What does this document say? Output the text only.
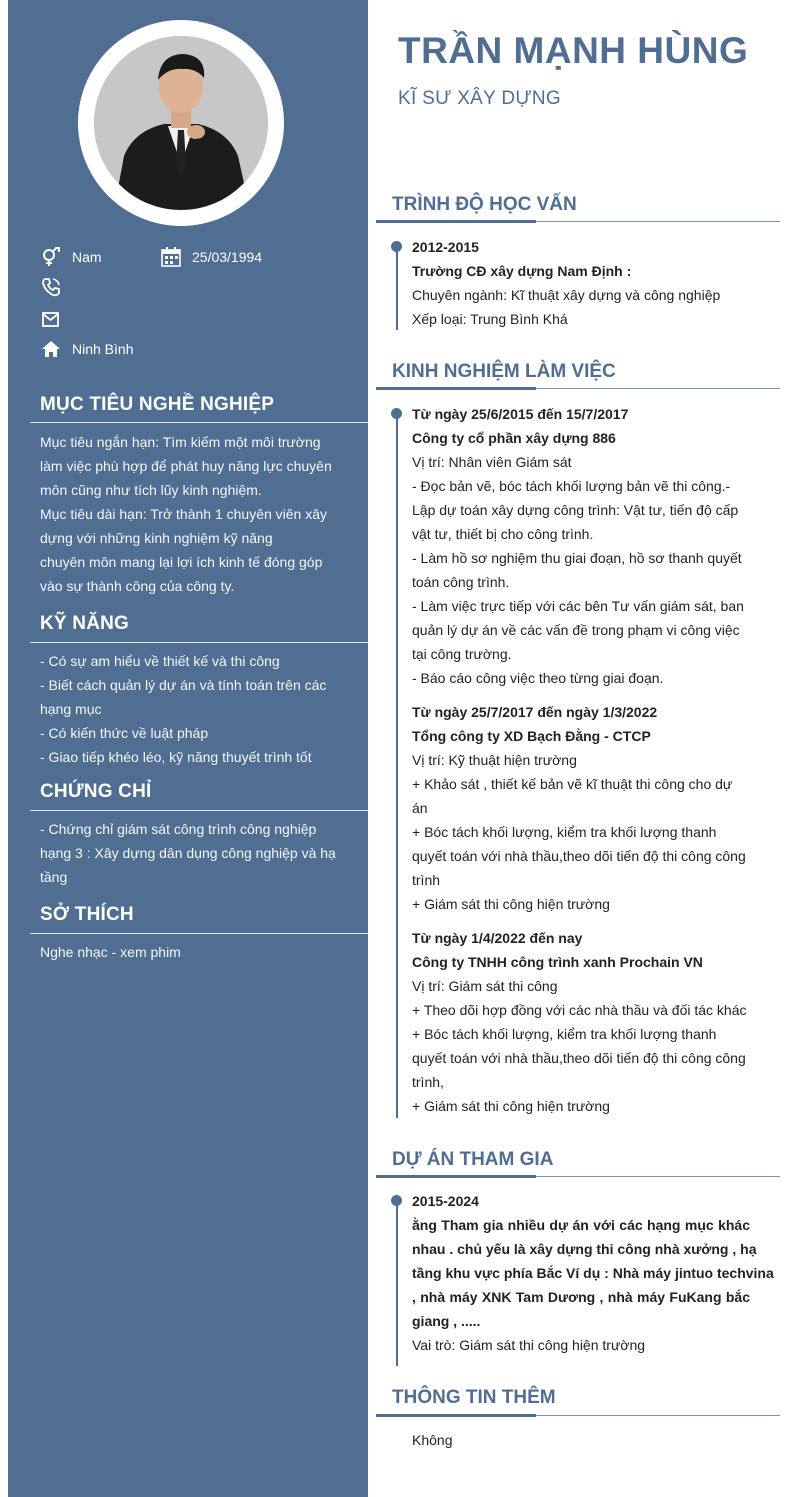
Nam	25/03/1994
Ninh Bình
MỤC TIÊU NGHỀ NGHIỆP
Mục tiêu ngắn hạn: Tìm kiếm một môi trường
làm việc phù hợp để phát huy năng lực chuyên
môn cũng như tích lũy kinh nghiệm.
Mục tiêu dài hạn: Trở thành 1 chuyên viên xây
dựng với những kinh nghiệm kỹ năng
chuyên môn mang lại lợi ích kinh tế đóng góp
vào sự thành công của công ty.
KỸ NĂNG
- Có sự am hiểu về thiết kế và thi công
- Biết cách quản lý dự án và tính toán trên các
hạng mục
- Có kiến thức về luật pháp
- Giao tiếp khéo léo, kỹ năng thuyết trình tốt
CHỨNG CHỈ
- Chứng chỉ giám sát công trình công nghiệp
hạng 3 : Xây dựng dân dụng công nghiệp và hạ
tầng
SỞ THÍCH
Nghe nhạc - xem phim
TRẦN MẠNH HÙNG
KĨ SƯ XÂY DỰNG
TRÌNH ĐỘ HỌC VẤN
2012-2015
Trường CĐ xây dựng Nam Định :
Chuyên ngành: Kĩ thuật xây dựng và công nghiệp
Xếp loại: Trung Bình Khá
KINH NGHIỆM LÀM VIỆC
Từ ngày 25/6/2015 đến 15/7/2017
Công ty cổ phần xây dựng 886
Vị trí: Nhân viên Giám sát
- Đọc bản vẽ, bóc tách khối lượng bản vẽ thi công.-
Lập dự toán xây dựng công trình: Vật tư, tiến độ cấp
vật tư, thiết bị cho công trình.
- Làm hồ sơ nghiệm thu giai đoạn, hồ sơ thanh quyết
toán công trình.
- Làm việc trực tiếp với các bên Tư vấn giám sát, ban
quản lý dự án về các vấn đề trong phạm vi công việc
tại công trường.
- Báo cáo công việc theo từng giai đoạn.
Từ ngày 25/7/2017 đến ngày 1/3/2022
Tổng công ty XD Bạch Đằng - CTCP
Vị trí: Kỹ thuật hiện trường
+ Khảo sát , thiết kế bản vẽ kĩ thuật thi công cho dự
án
+ Bóc tách khối lượng, kiểm tra khối lượng thanh
quyết toán với nhà thầu,theo dõi tiến độ thi công công
trình
+ Giám sát thi công hiện trường
Từ ngày 1/4/2022 đến nay
Công ty TNHH công trình xanh Prochain VN
Vị trí: Giám sát thi công
+ Theo dõi hợp đồng với các nhà thầu và đối tác khác
+ Bóc tách khối lượng, kiểm tra khối lượng thanh
quyết toán với nhà thầu,theo dõi tiến độ thi công công
trình,
+ Giám sát thi công hiện trường
DỰ ÁN THAM GIA
2015-2024
ằng Tham gia nhiều dự án với các hạng mục khác
nhau . chủ yếu là xây dựng thi công nhà xưởng , hạ
tầng khu vực phía Bắc Ví dụ : Nhà máy jintuo techvina
, nhà máy XNK Tam Dương , nhà máy FuKang bắc
giang , .....
Vai trò: Giám sát thi công hiện trường
THÔNG TIN THÊM
Không
